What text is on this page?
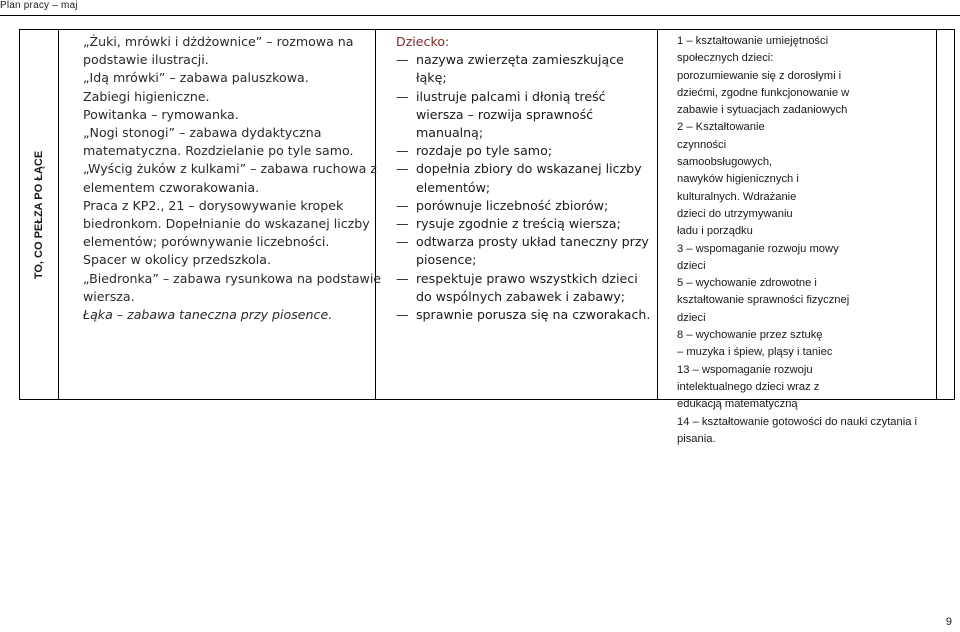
Plan pracy – maj
TO, CO PEŁZA PO ŁĄCE

„Żuki, mrówki i dżdżownice” – rozmowa na podstawie ilustracji.

„Idą mrówki” – zabawa paluszkowa.

Zabiegi higieniczne.

Powitanka – rymowanka.

„Nogi stonogi” – zabawa dydaktyczna matematyczna. Rozdzielanie po tyle samo.

„Wyścig żuków z kulkami” – zabawa ruchowa z elementem czworakowania.

Praca z KP2., 21 – dorysowywanie kropek biedronkom. Dopełnianie do wskazanej liczby elementów; porównywanie liczebności.

Spacer w okolicy przedszkola.

„Biedronka” – zabawa rysunkowa na podstawie wiersza.

Łąka – zabawa taneczna przy piosence.

Dziecko:

— nazywa zwierzęta zamieszkujące łąkę;
— ilustruje palcami i dłonią treść wiersza – rozwija sprawność manualną;
— rozdaje po tyle samo;
— dopełnia zbiory do wskazanej liczby elementów;
— porównuje liczebność zbiorów;
— rysuje zgodnie z treścią wiersza;
— odtwarza prosty układ taneczny przy piosence;
— respektuje prawo wszystkich dzieci do wspólnych zabawek i zabawy;
— sprawnie porusza się na czworakach.

1 – kształtowanie umiejętności

społecznych dzieci:

porozumiewanie się z dorosłymi i

dziećmi, zgodne funkcjonowanie w

zabawie i sytuacjach zadaniowych

2 – Kształtowanie

czynności

samoobsługowych,

nawyków higienicznych i

kulturalnych. Wdrażanie

dzieci do utrzymywaniu

ładu i porządku

3 – wspomaganie rozwoju mowy

dzieci

5 – wychowanie zdrowotne i

kształtowanie sprawności fizycznej

dzieci

8 – wychowanie przez sztukę

– muzyka i śpiew, pląsy i taniec

13 – wspomaganie rozwoju

intelektualnego dzieci wraz z

edukacją matematyczną

14 – kształtowanie gotowości do nauki czytania i

pisania.

9
